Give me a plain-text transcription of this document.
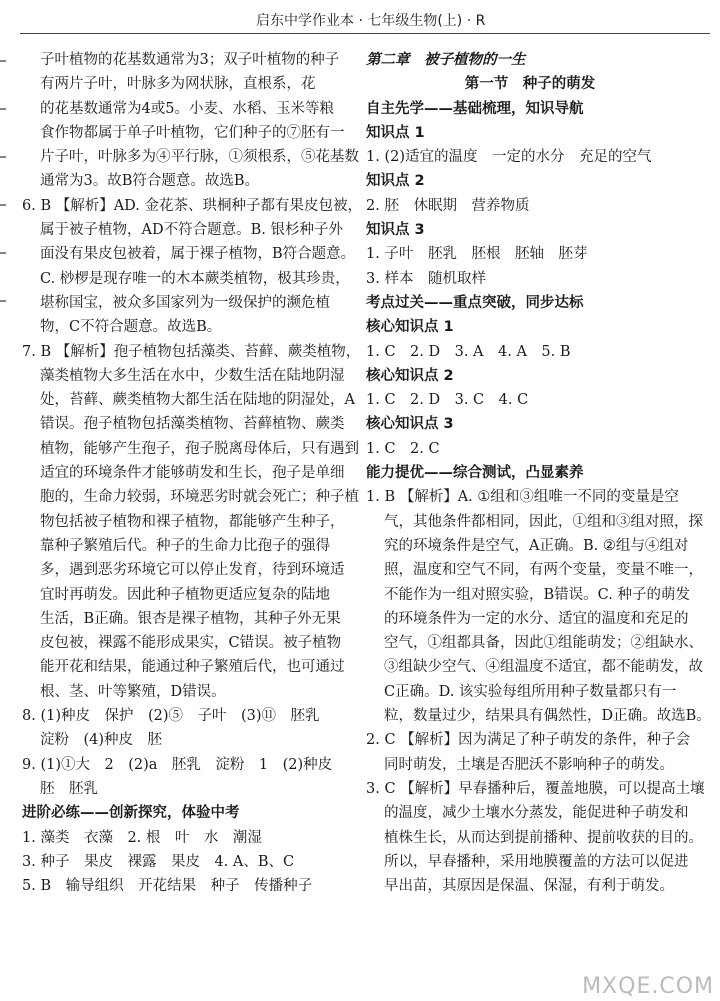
启东中学作业本 · 七年级生物(上) · R
子叶植物的花基数通常为3；双子叶植物的种子
有两片子叶，叶脉多为网状脉，直根系，花
的花基数通常为4或5。小麦、水稻、玉米等粮
食作物都属于单子叶植物，它们种子的⑦胚有一
片子叶，叶脉多为④平行脉，①须根系，⑤花基数
通常为3。故B符合题意。故选B。
6. B 【解析】AD. 金花茶、珙桐种子都有果皮包被，
属于被子植物，AD不符合题意。B. 银杉种子外
面没有果皮包被着，属于裸子植物，B符合题意。
C. 桫椤是现存唯一的木本蕨类植物，极其珍贵，
堪称国宝，被众多国家列为一级保护的濒危植
物，C不符合题意。故选B。
7. B 【解析】孢子植物包括藻类、苔藓、蕨类植物，
藻类植物大多生活在水中，少数生活在陆地阴湿
处，苔藓、蕨类植物大都生活在陆地的阴湿处，A
错误。孢子植物包括藻类植物、苔藓植物、蕨类
植物，能够产生孢子，孢子脱离母体后，只有遇到
适宜的环境条件才能够萌发和生长，孢子是单细
胞的，生命力较弱，环境恶劣时就会死亡；种子植
物包括被子植物和裸子植物，都能够产生种子，
靠种子繁殖后代。种子的生命力比孢子的强得
多，遇到恶劣环境它可以停止发育，待到环境适
宜时再萌发。因此种子植物更适应复杂的陆地
生活，B正确。银杏是裸子植物，其种子外无果
皮包被，裸露不能形成果实，C错误。被子植物
能开花和结果，能通过种子繁殖后代，也可通过
根、茎、叶等繁殖，D错误。
8. (1)种皮　保护　(2)⑤　子叶　(3)⑪　胚乳
淀粉　(4)种皮　胚
9. (1)①大　2　(2)a　胚乳　淀粉　1　(2)种皮
胚　胚乳
进阶必练——创新探究，体验中考
1. 藻类　衣藻　2. 根　叶　水　潮湿
3. 种子　果皮　裸露　果皮　4. A、B、C
5. B　输导组织　开花结果　种子　传播种子
第二章　被子植物的一生
第一节　种子的萌发
自主先学——基础梳理，知识导航
知识点 1
1. (2)适宜的温度　一定的水分　充足的空气
知识点 2
2. 胚　休眠期　营养物质
知识点 3
1. 子叶　胚乳　胚根　胚轴　胚芽
3. 样本　随机取样
考点过关——重点突破，同步达标
核心知识点 1
1. C　2. D　3. A　4. A　5. B
核心知识点 2
1. C　2. D　3. C　4. C
核心知识点 3
1. C　2. C
能力提优——综合测试，凸显素养
1. B 【解析】A. ①组和③组唯一不同的变量是空
气，其他条件都相同，因此，①组和③组对照，探
究的环境条件是空气，A正确。B. ②组与④组对
照，温度和空气不同，有两个变量，变量不唯一，
不能作为一组对照实验，B错误。C. 种子的萌发
的环境条件为一定的水分、适宜的温度和充足的
空气，①组都具备，因此①组能萌发；②组缺水、
③组缺少空气、④组温度不适宜，都不能萌发，故
C正确。D. 该实验每组所用种子数量都只有一
粒，数量过少，结果具有偶然性，D正确。故选B。
2. C 【解析】因为满足了种子萌发的条件，种子会
同时萌发，土壤是否肥沃不影响种子的萌发。
3. C 【解析】早春播种后，覆盖地膜，可以提高土壤
的温度，减少土壤水分蒸发，能促进种子萌发和
植株生长，从而达到提前播种、提前收获的目的。
所以，早春播种，采用地膜覆盖的方法可以促进
早出苗，其原因是保温、保湿，有利于萌发。
MXQE.COM
